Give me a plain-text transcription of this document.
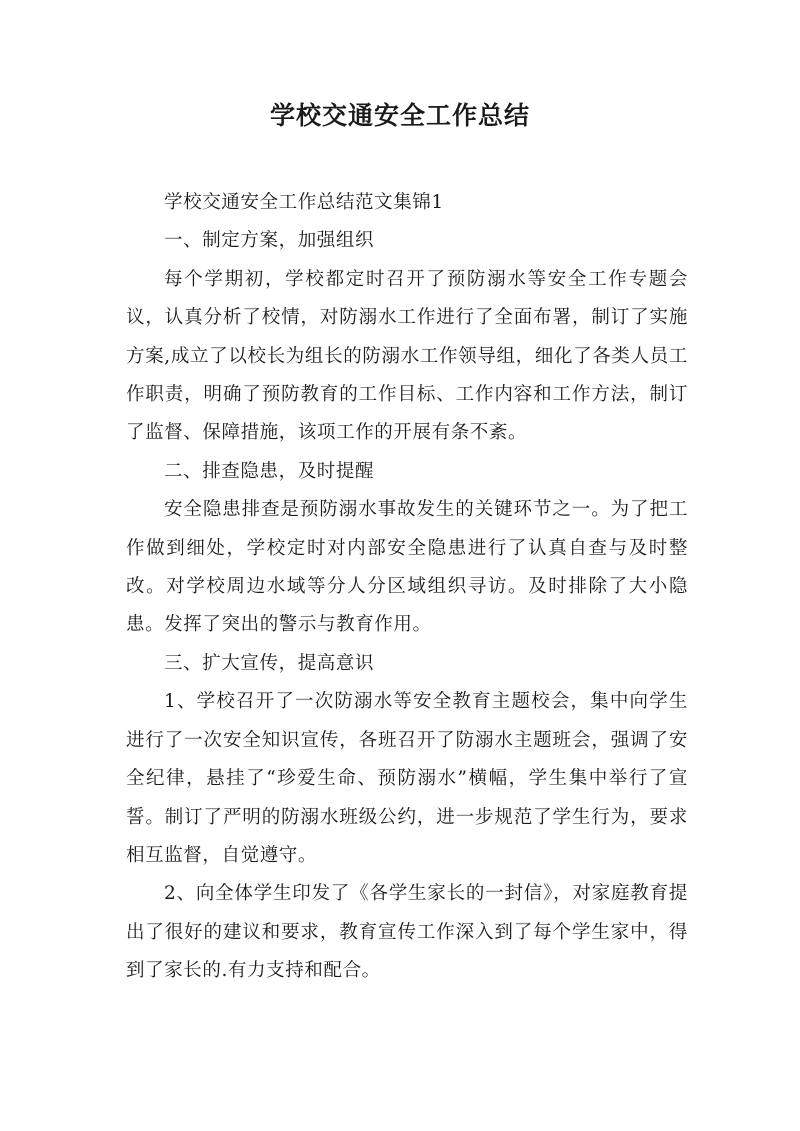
学校交通安全工作总结

学校交通安全工作总结范文集锦1

一、制定方案，加强组织

每个学期初，学校都定时召开了预防溺水等安全工作专题会议，认真分析了校情，对防溺水工作进行了全面布署，制订了实施方案,成立了以校长为组长的防溺水工作领导组，细化了各类人员工作职责，明确了预防教育的工作目标、工作内容和工作方法，制订了监督、保障措施，该项工作的开展有条不紊。

二、排查隐患，及时提醒

安全隐患排查是预防溺水事故发生的关键环节之一。为了把工作做到细处，学校定时对内部安全隐患进行了认真自查与及时整改。对学校周边水域等分人分区域组织寻访。及时排除了大小隐患。发挥了突出的警示与教育作用。

三、扩大宣传，提高意识

1、学校召开了一次防溺水等安全教育主题校会，集中向学生进行了一次安全知识宣传，各班召开了防溺水主题班会，强调了安全纪律，悬挂了“珍爱生命、预防溺水”横幅，学生集中举行了宣誓。制订了严明的防溺水班级公约，进一步规范了学生行为，要求相互监督，自觉遵守。

2、向全体学生印发了《各学生家长的一封信》，对家庭教育提出了很好的建议和要求，教育宣传工作深入到了每个学生家中，得到了家长的.有力支持和配合。
